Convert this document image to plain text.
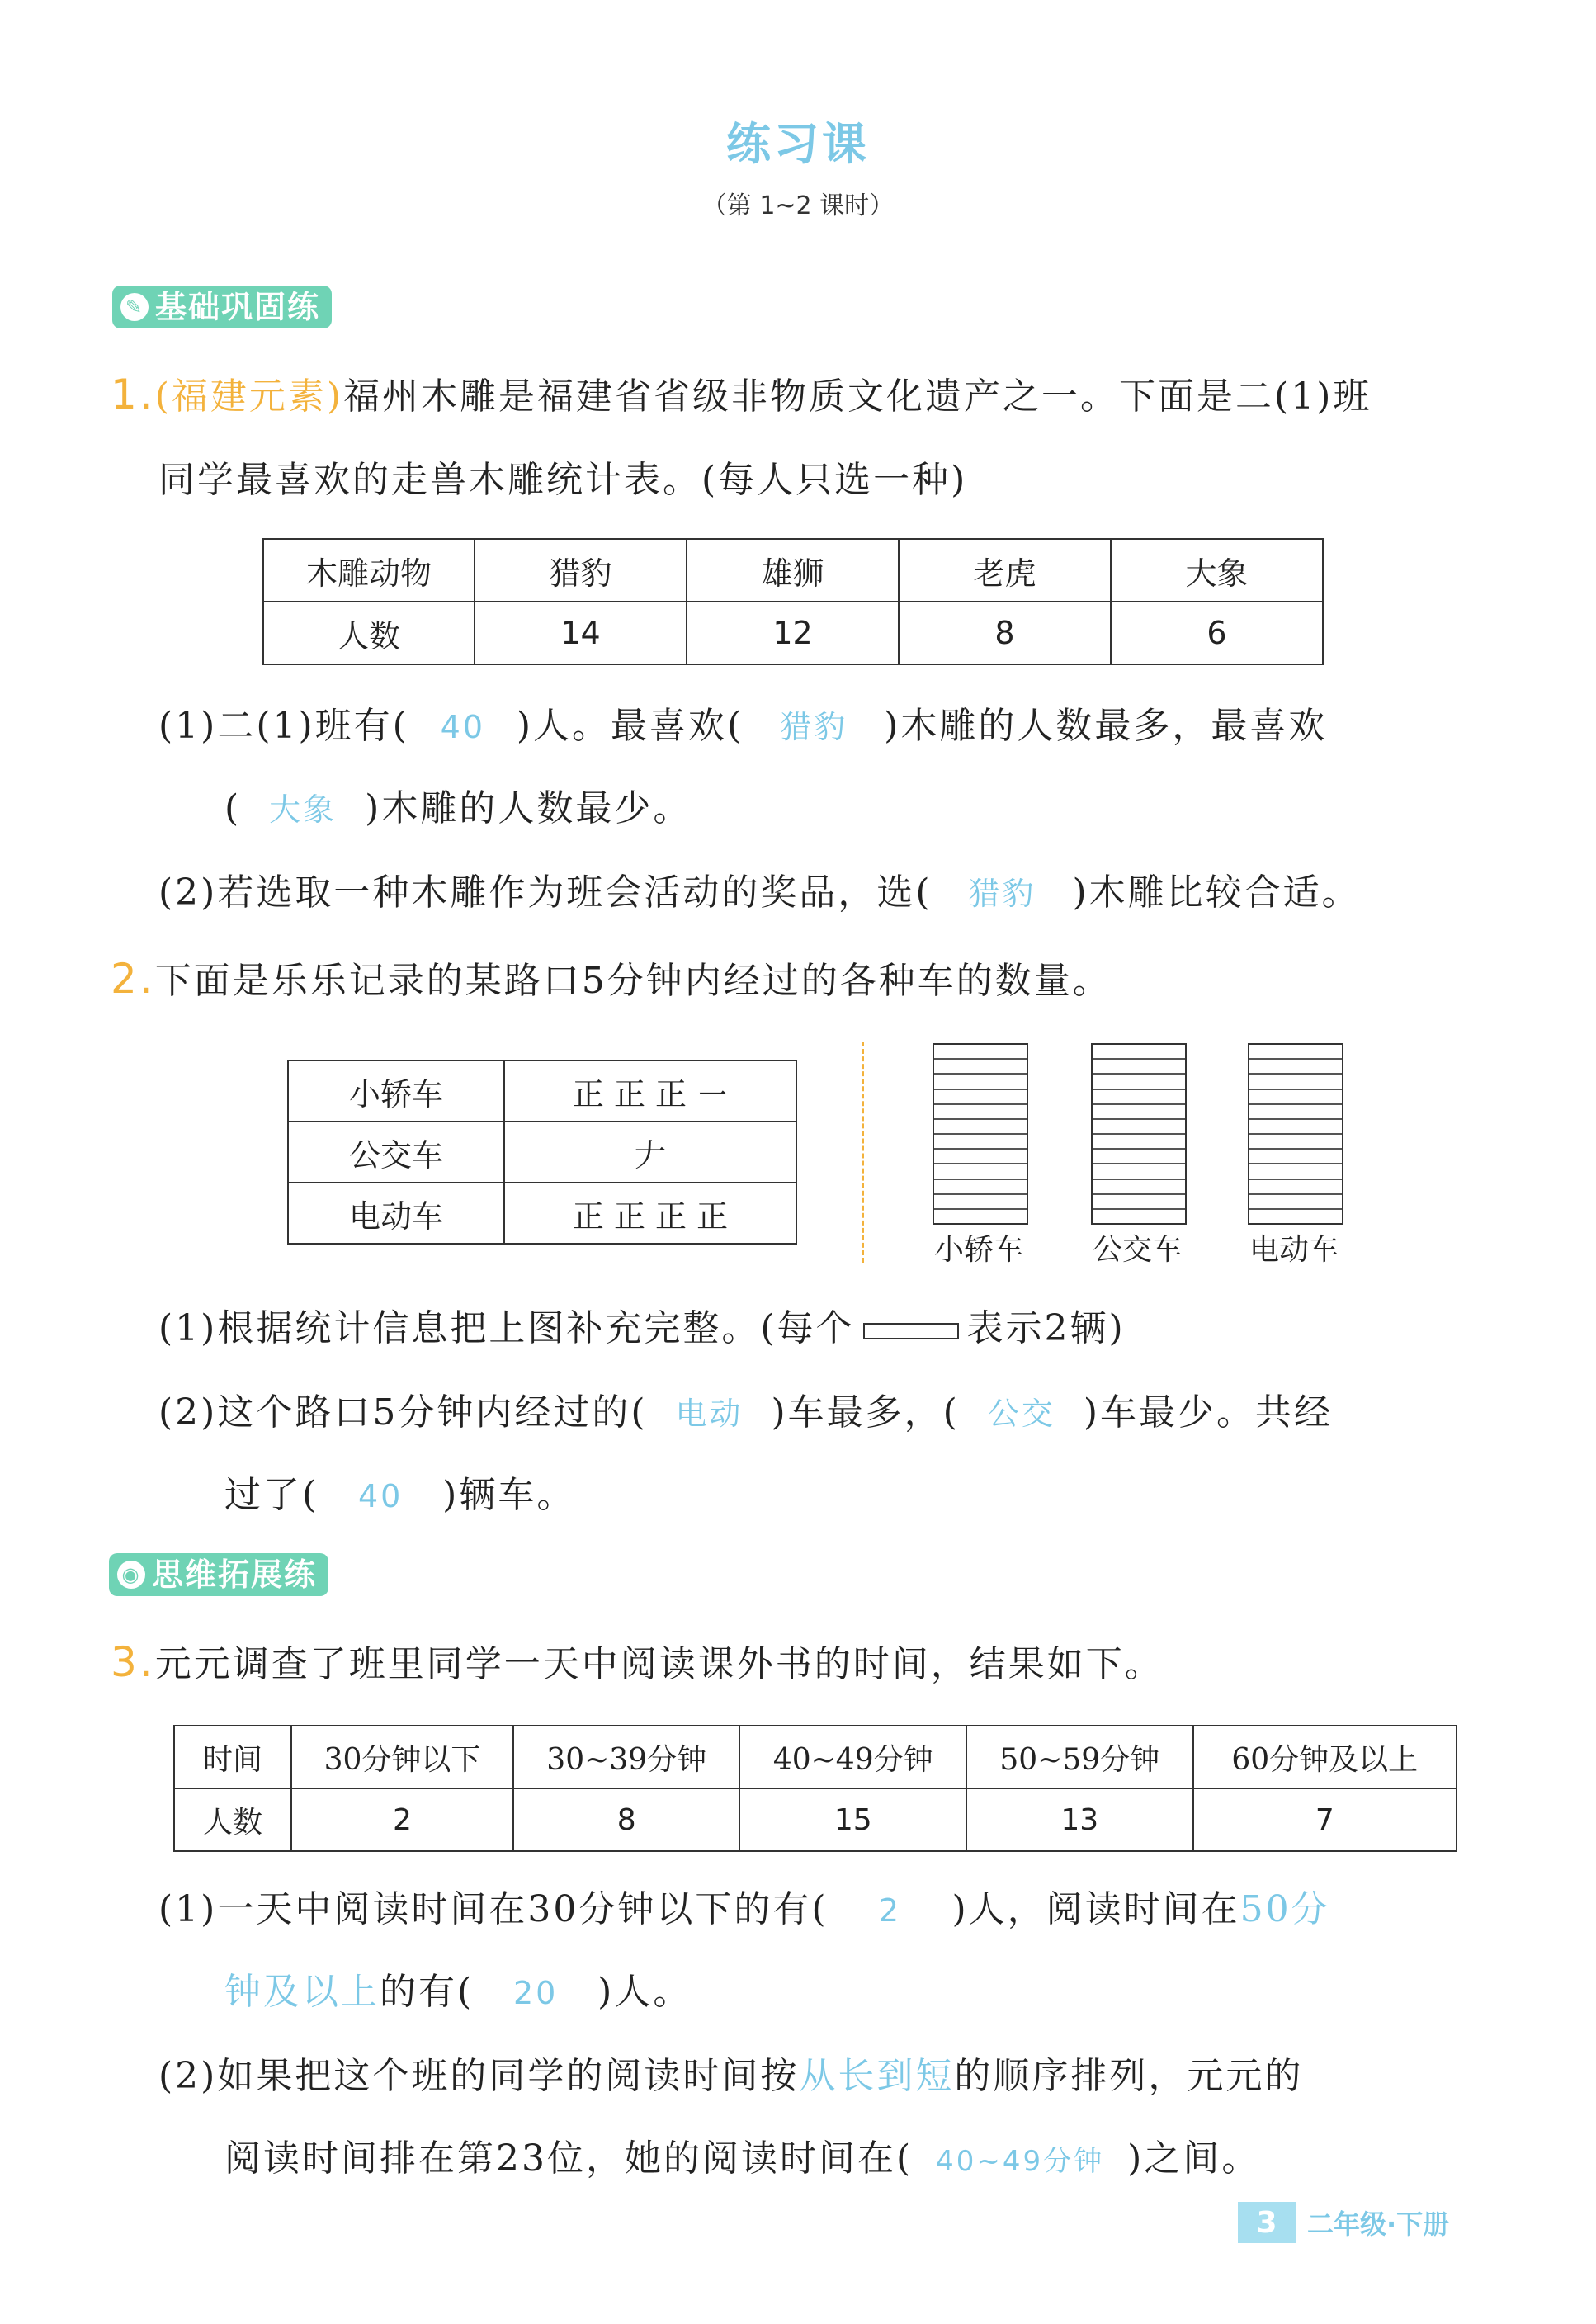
练习课
（第 1~2 课时）
✎ 基础巩固练
1.(福建元素)福州木雕是福建省省级非物质文化遗产之一。下面是二(1)班
同学最喜欢的走兽木雕统计表。(每人只选一种)
木雕动物	猎豹	雄狮	老虎	大象
人数	14	12	8	6
(1)二(1)班有( 40 )人。最喜欢( 猎豹 )木雕的人数最多，最喜欢
( 大象 )木雕的人数最少。
(2)若选取一种木雕作为班会活动的奖品，选( 猎豹 )木雕比较合适。
2.下面是乐乐记录的某路口5分钟内经过的各种车的数量。
小轿车	正 正 正 ㇐
公交车	𠂇
电动车	正 正 正 正
小轿车	公交车	电动车
(1)根据统计信息把上图补充完整。(每个	表示2辆)
(2)这个路口5分钟内经过的( 电动 )车最多，( 公交 )车最少。共经
过了( 40 )辆车。
◉ 思维拓展练
3.元元调查了班里同学一天中阅读课外书的时间，结果如下。
时间	30分钟以下	30~39分钟	40~49分钟	50~59分钟	60分钟及以上
人数	2	8	15	13	7
(1)一天中阅读时间在30分钟以下的有( 2 )人，阅读时间在50分
钟及以上的有( 20 )人。
(2)如果把这个班的同学的阅读时间按从长到短的顺序排列，元元的
阅读时间排在第23位，她的阅读时间在( 40~49分钟 )之间。
3	二年级·下册
